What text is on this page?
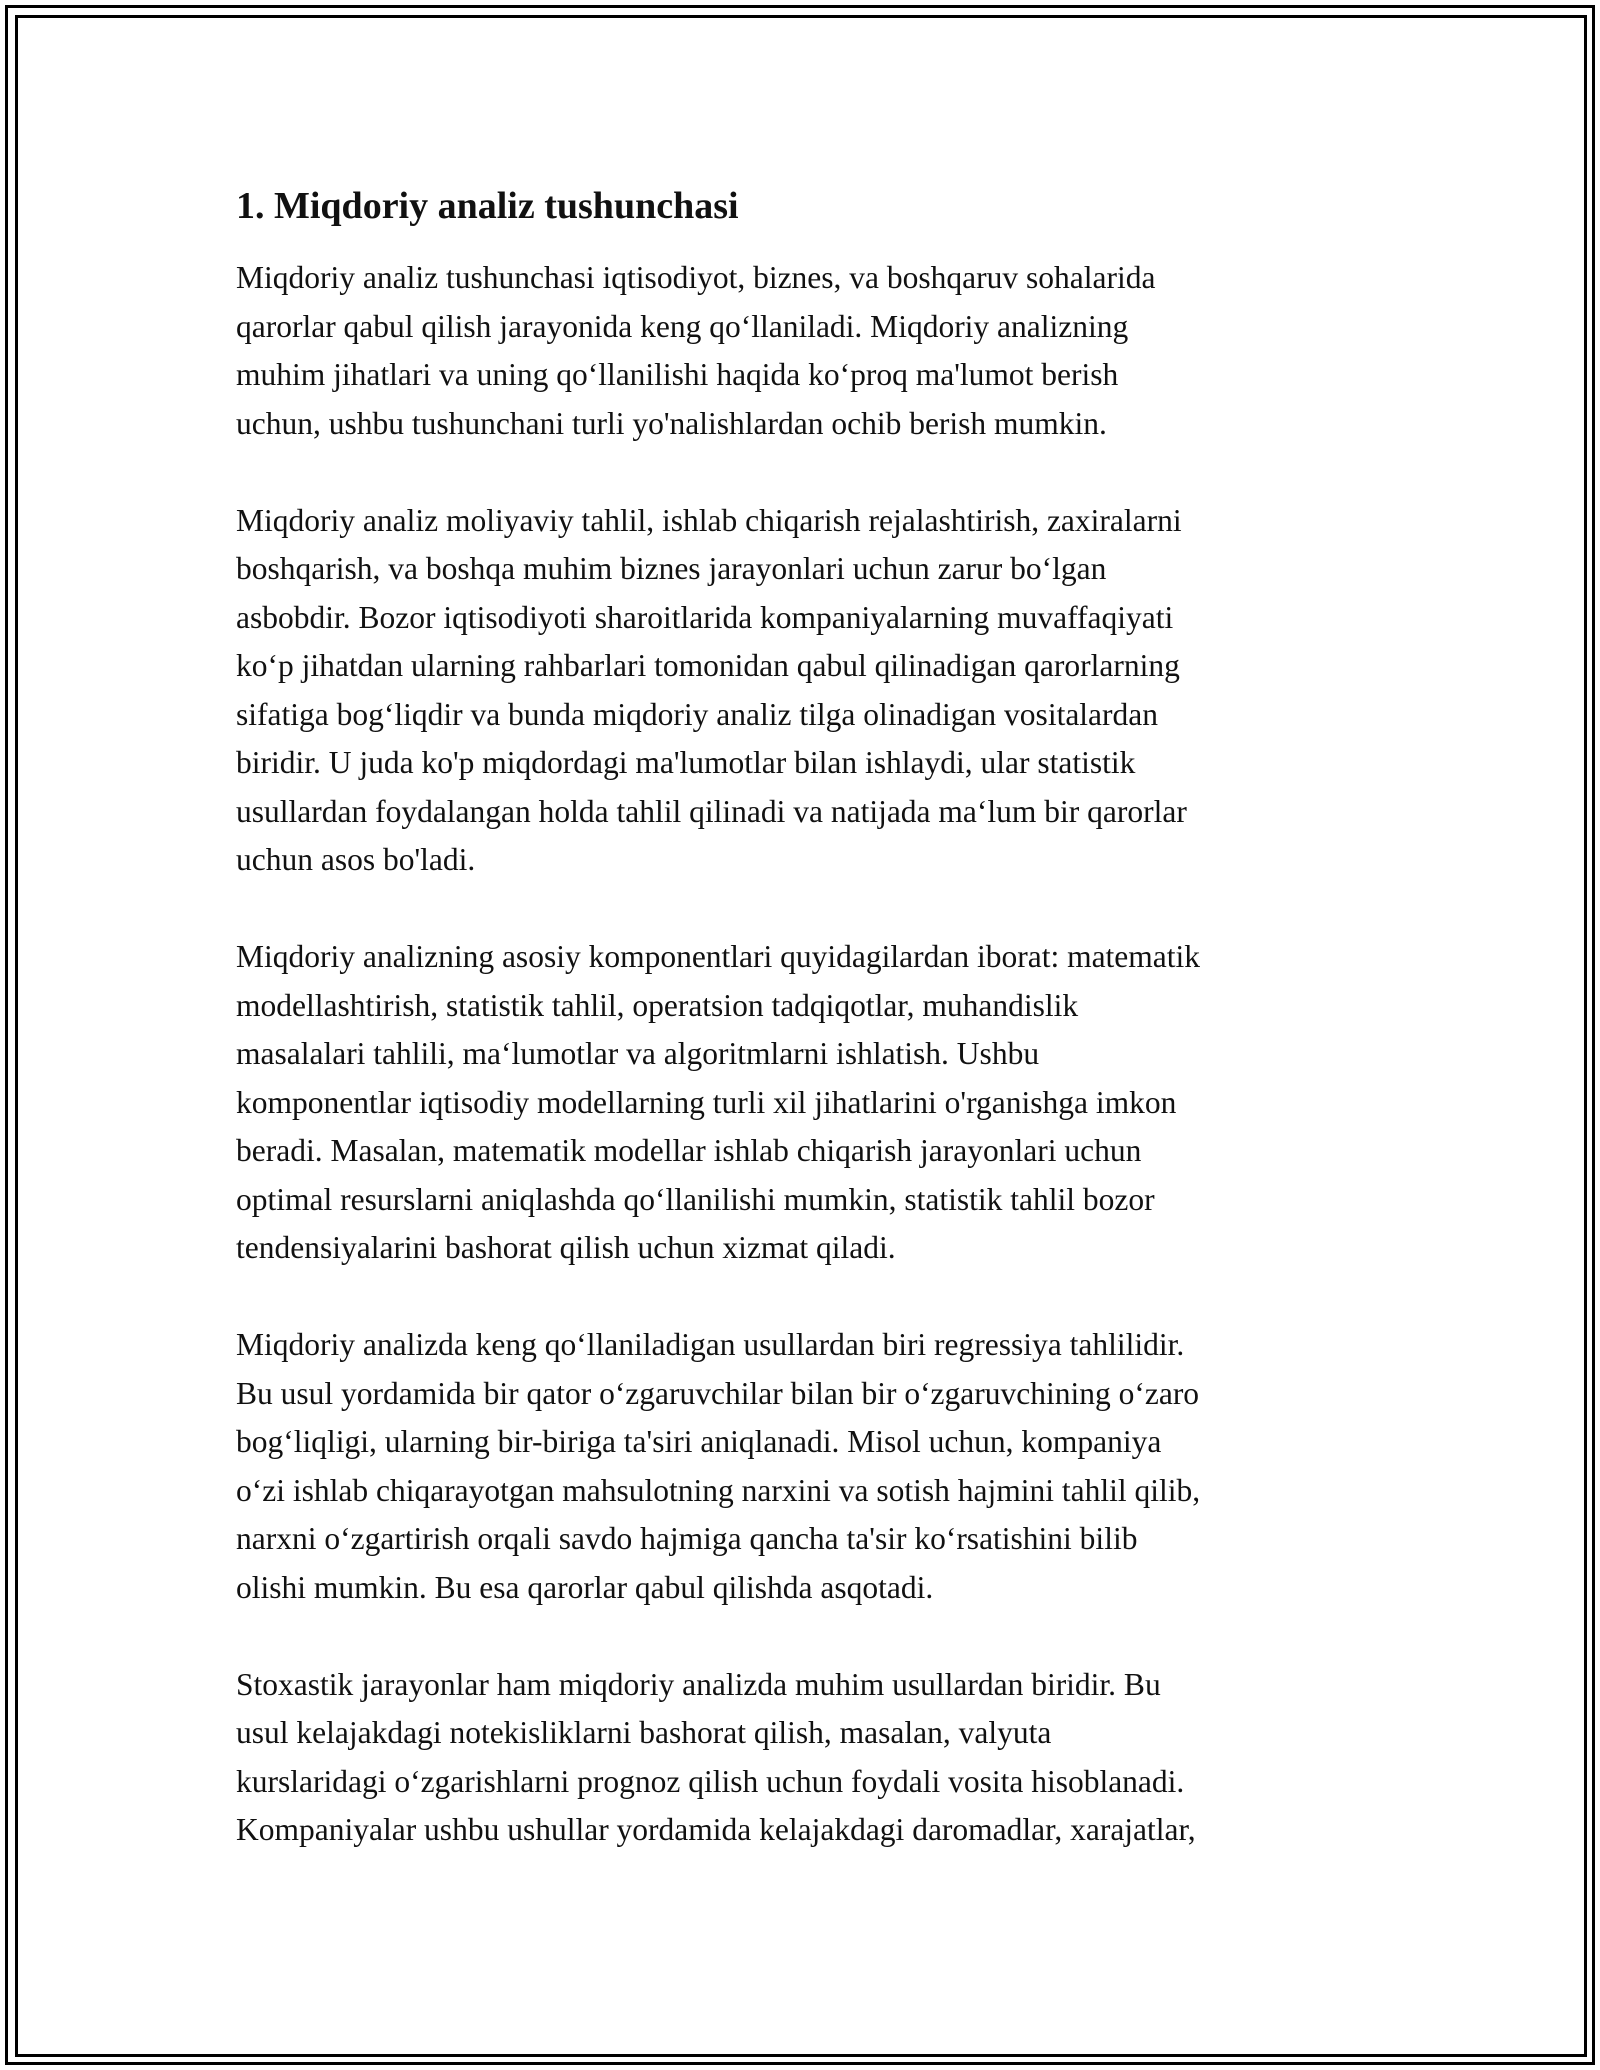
1. Miqdoriy analiz tushunchasi
Miqdoriy analiz tushunchasi iqtisodiyot, biznes, va boshqaruv sohalarida
qarorlar qabul qilish jarayonida keng qo‘llaniladi. Miqdoriy analizning
muhim jihatlari va uning qo‘llanilishi haqida ko‘proq ma'lumot berish
uchun, ushbu tushunchani turli yo'nalishlardan ochib berish mumkin.
Miqdoriy analiz moliyaviy tahlil, ishlab chiqarish rejalashtirish, zaxiralarni
boshqarish, va boshqa muhim biznes jarayonlari uchun zarur bo‘lgan
asbobdir. Bozor iqtisodiyoti sharoitlarida kompaniyalarning muvaffaqiyati
ko‘p jihatdan ularning rahbarlari tomonidan qabul qilinadigan qarorlarning
sifatiga bog‘liqdir va bunda miqdoriy analiz tilga olinadigan vositalardan
biridir. U juda ko'p miqdordagi ma'lumotlar bilan ishlaydi, ular statistik
usullardan foydalangan holda tahlil qilinadi va natijada ma‘lum bir qarorlar
uchun asos bo'ladi.
Miqdoriy analizning asosiy komponentlari quyidagilardan iborat: matematik
modellashtirish, statistik tahlil, operatsion tadqiqotlar, muhandislik
masalalari tahlili, ma‘lumotlar va algoritmlarni ishlatish. Ushbu
komponentlar iqtisodiy modellarning turli xil jihatlarini o'rganishga imkon
beradi. Masalan, matematik modellar ishlab chiqarish jarayonlari uchun
optimal resurslarni aniqlashda qo‘llanilishi mumkin, statistik tahlil bozor
tendensiyalarini bashorat qilish uchun xizmat qiladi.
Miqdoriy analizda keng qo‘llaniladigan usullardan biri regressiya tahlilidir.
Bu usul yordamida bir qator o‘zgaruvchilar bilan bir o‘zgaruvchining o‘zaro
bog‘liqligi, ularning bir-biriga ta'siri aniqlanadi. Misol uchun, kompaniya
o‘zi ishlab chiqarayotgan mahsulotning narxini va sotish hajmini tahlil qilib,
narxni o‘zgartirish orqali savdo hajmiga qancha ta'sir ko‘rsatishini bilib
olishi mumkin. Bu esa qarorlar qabul qilishda asqotadi.
Stoxastik jarayonlar ham miqdoriy analizda muhim usullardan biridir. Bu
usul kelajakdagi notekisliklarni bashorat qilish, masalan, valyuta
kurslaridagi o‘zgarishlarni prognoz qilish uchun foydali vosita hisoblanadi.
Kompaniyalar ushbu ushullar yordamida kelajakdagi daromadlar, xarajatlar,
